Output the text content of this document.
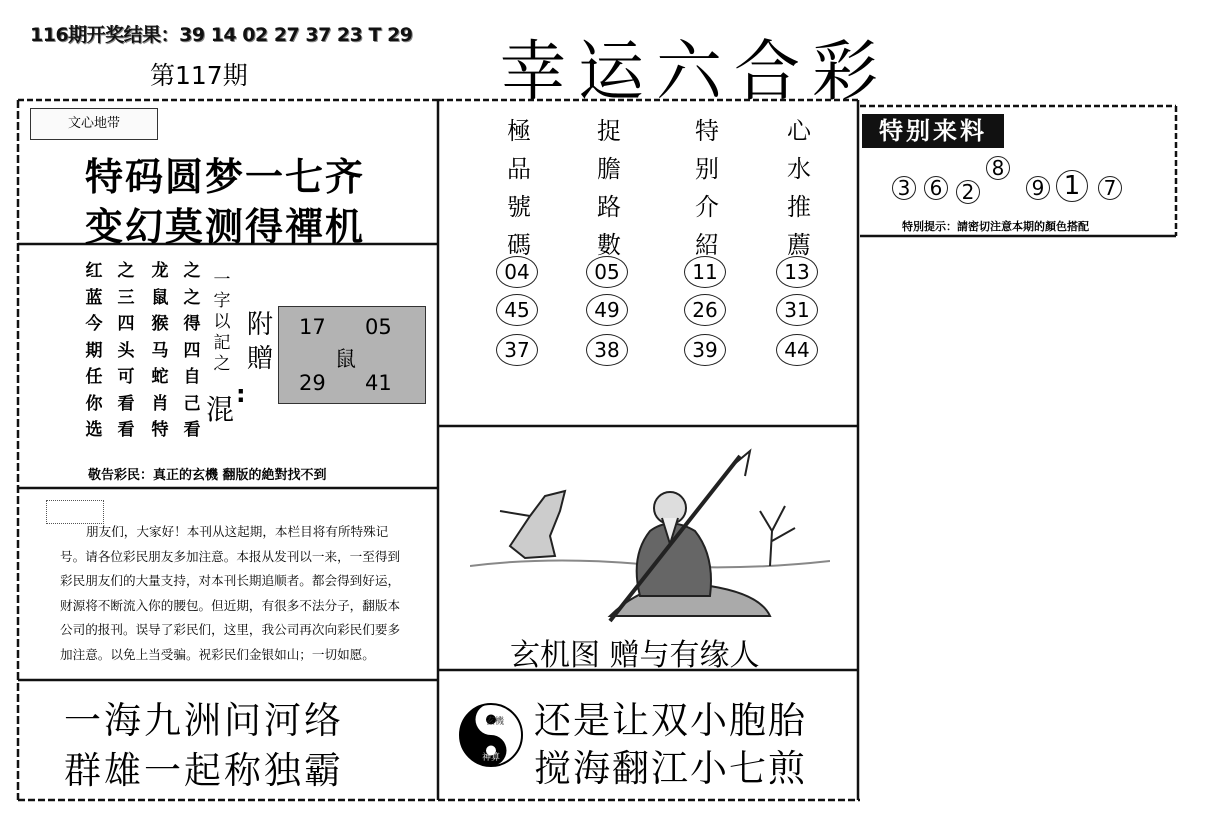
116期开奖结果：39 14 02 27 37 23 T 29
第117期	幸运六合彩
文心地带
特码圆梦一七齐
变幻莫测得禪机
红蓝今期任你选
之三四头可看看
龙鼠猴马蛇肖特
之之得四自己看
一字以記之
混
附贈
:
17 05
鼠
29 41
敬告彩民：真正的玄機 翻版的絶對找不到
朋友们，大家好！本刊从这起期，本栏目将有所特殊记号。请各位彩民朋友多加注意。本报从发刊以一来，一至得到彩民朋友们的大量支持，对本刊长期追顺者。都会得到好运，财源将不断流入你的腰包。但近期，有很多不法分子，翻版本公司的报刊。误导了彩民们，这里，我公司再次向彩民们要多加注意。以免上当受骗。祝彩民们金银如山；一切如愿。
一海九洲问河络
群雄一起称独霸
極
品
號
碼
捉
膽
路
數
特
别
介
紹
心
水
推
薦
04
45
37
05
49
38
11
26
39
13
31
44
玄机图 赠与有缘人
玄機
神算
还是让双小胞胎
搅海翻江小七煎
特别来料
3 6 2
8
9 1	7
特別提示：請密切注意本期的顏色搭配
